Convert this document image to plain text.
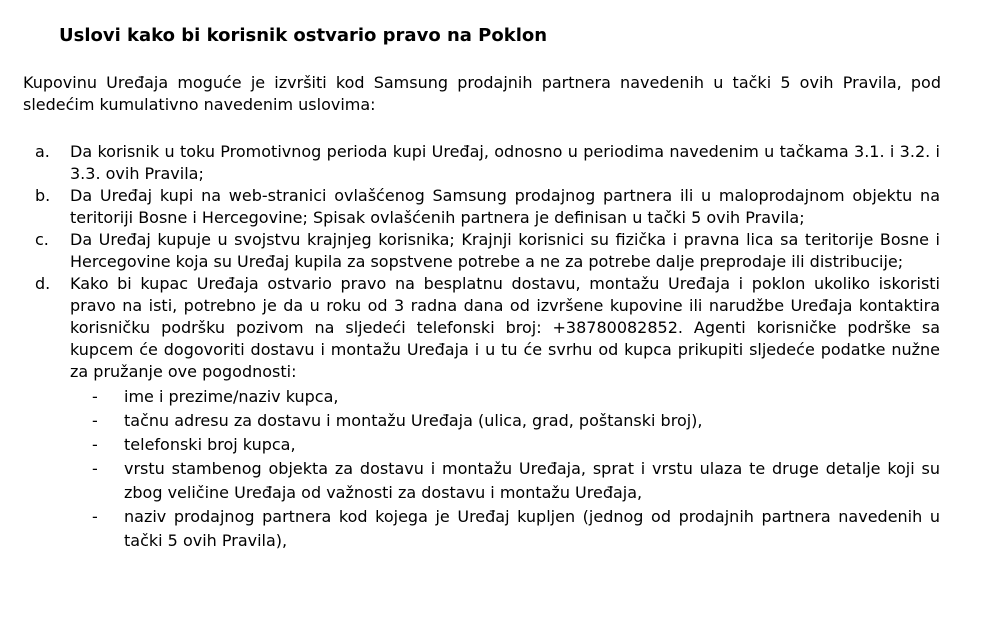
Uslovi kako bi korisnik ostvario pravo na Poklon
Kupovinu Uređaja moguće je izvršiti kod Samsung prodajnih partnera navedenih u tački 5 ovih Pravila, pod sledećim kumulativno navedenim uslovima:
a. Da korisnik u toku Promotivnog perioda kupi Uređaj, odnosno u periodima navedenim u tačkama 3.1. i 3.2. i 3.3. ovih Pravila;
b. Da Uređaj kupi na web-stranici ovlašćenog Samsung prodajnog partnera ili u maloprodajnom objektu na teritoriji Bosne i Hercegovine; Spisak ovlašćenih partnera je definisan u tački 5 ovih Pravila;
c. Da Uređaj kupuje u svojstvu krajnjeg korisnika; Krajnji korisnici su fizička i pravna lica sa teritorije Bosne i Hercegovine koja su Uređaj kupila za sopstvene potrebe a ne za potrebe dalje preprodaje ili distribucije;
d. Kako bi kupac Uređaja ostvario pravo na besplatnu dostavu, montažu Uređaja i poklon ukoliko iskoristi pravo na isti, potrebno je da u roku od 3 radna dana od izvršene kupovine ili narudžbe Uređaja kontaktira korisničku podršku pozivom na sljedeći telefonski broj: +38780082852. Agenti korisničke podrške sa kupcem će dogovoriti dostavu i montažu Uređaja i u tu će svrhu od kupca prikupiti sljedeće podatke nužne za pružanje ove pogodnosti:
- ime i prezime/naziv kupca,
- tačnu adresu za dostavu i montažu Uređaja (ulica, grad, poštanski broj),
- telefonski broj kupca,
- vrstu stambenog objekta za dostavu i montažu Uređaja, sprat i vrstu ulaza te druge detalje koji su zbog veličine Uređaja od važnosti za dostavu i montažu Uređaja,
- naziv prodajnog partnera kod kojega je Uređaj kupljen (jednog od prodajnih partnera navedenih u tački 5 ovih Pravila),
